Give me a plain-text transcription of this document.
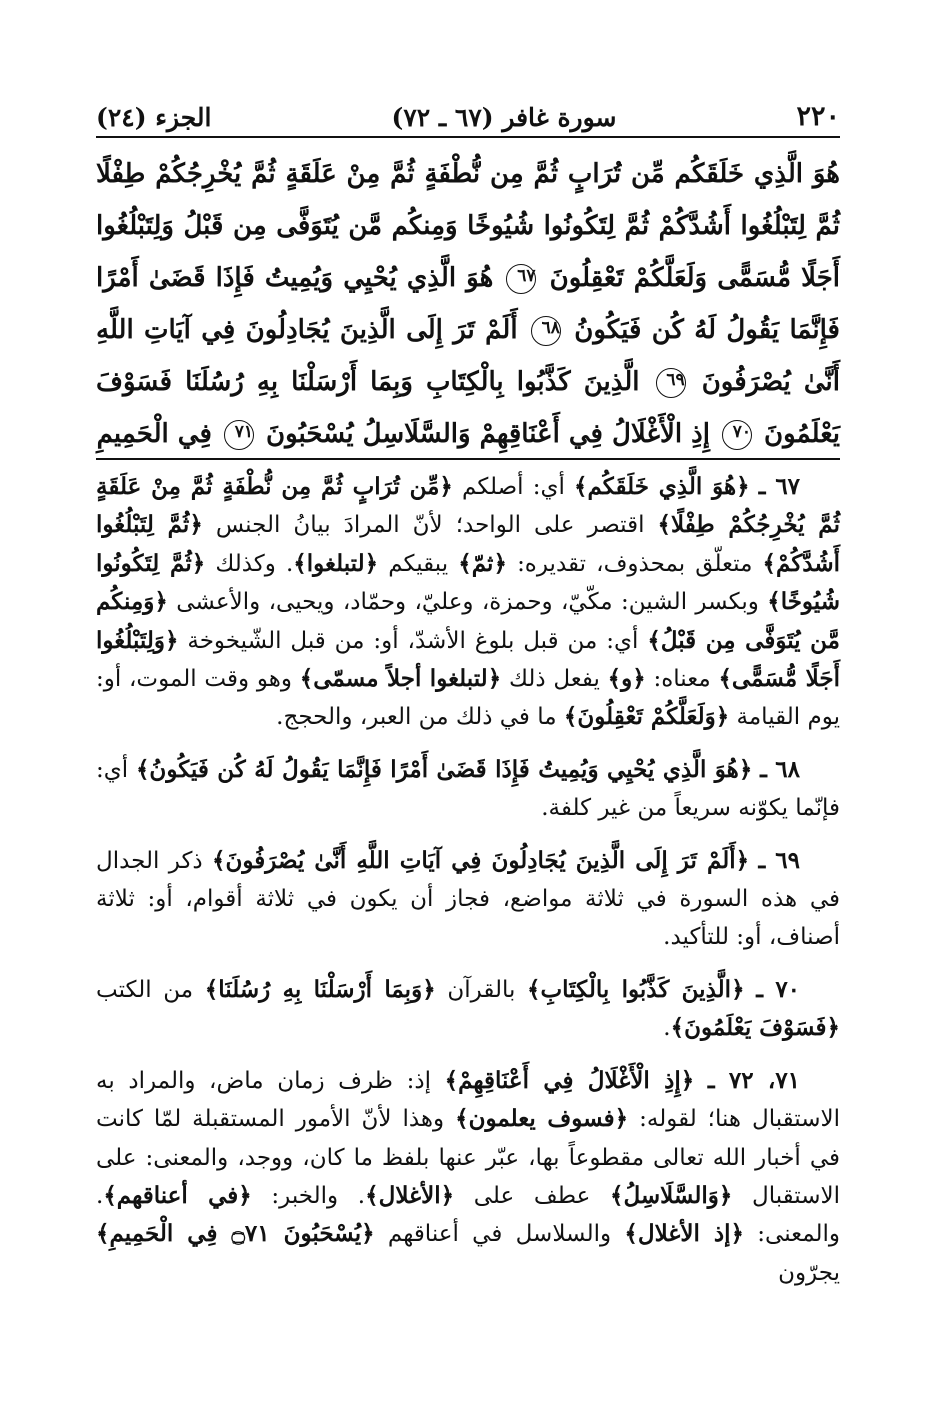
٢٢٠
سورة غافر (٦٧ ـ ٧٢)
الجزء (٢٤)
هُوَ الَّذِي خَلَقَكُم مِّن تُرَابٍ ثُمَّ مِن نُّطْفَةٍ ثُمَّ مِنْ عَلَقَةٍ ثُمَّ يُخْرِجُكُمْ طِفْلًا ثُمَّ لِتَبْلُغُوا أَشُدَّكُمْ ثُمَّ لِتَكُونُوا شُيُوخًا وَمِنكُم مَّن يُتَوَفَّى مِن قَبْلُ وَلِتَبْلُغُوا أَجَلًا مُّسَمًّى وَلَعَلَّكُمْ تَعْقِلُونَ ٦٧ هُوَ الَّذِي يُحْيِي وَيُمِيتُ فَإِذَا قَضَىٰ أَمْرًا فَإِنَّمَا يَقُولُ لَهُ كُن فَيَكُونُ ٦٨ أَلَمْ تَرَ إِلَى الَّذِينَ يُجَادِلُونَ فِي آيَاتِ اللَّهِ أَنَّىٰ يُصْرَفُونَ ٦٩ الَّذِينَ كَذَّبُوا بِالْكِتَابِ وَبِمَا أَرْسَلْنَا بِهِ رُسُلَنَا فَسَوْفَ يَعْلَمُونَ ٧٠ إِذِ الْأَغْلَالُ فِي أَعْنَاقِهِمْ وَالسَّلَاسِلُ يُسْحَبُونَ ٧١ فِي الْحَمِيمِ

٦٧ ـ ﴿ هُوَ الَّذِي خَلَقَكُم ﴾ أي: أصلكم ﴿ مِّن تُرَابٍ ثُمَّ مِن نُّطْفَةٍ ثُمَّ مِنْ عَلَقَةٍ ثُمَّ يُخْرِجُكُمْ طِفْلًا ﴾ اقتصر على الواحد؛ لأنّ المرادَ بيانُ الجنس ﴿ ثُمَّ لِتَبْلُغُوا أَشُدَّكُمْ ﴾ متعلّق بمحذوف، تقديره: ﴿ ثمّ ﴾ يبقيكم ﴿ لتبلغوا ﴾. وكذلك ﴿ ثُمَّ لِتَكُونُوا شُيُوخًا ﴾ وبكسر الشين: مكّيّ، وحمزة، وعليّ، وحمّاد، ويحيى، والأعشى ﴿ وَمِنكُم مَّن يُتَوَفَّى مِن قَبْلُ ﴾ أي: من قبل بلوغ الأشدّ، أو: من قبل الشّيخوخة ﴿ وَلِتَبْلُغُوا أَجَلًا مُّسَمًّى ﴾ معناه: ﴿ و ﴾ يفعل ذلك ﴿ لتبلغوا أجلاً مسمّى ﴾ وهو وقت الموت، أو: يوم القيامة ﴿ وَلَعَلَّكُمْ تَعْقِلُونَ ﴾ ما في ذلك من العبر، والحجج.

٦٨ ـ ﴿ هُوَ الَّذِي يُحْيِي وَيُمِيتُ فَإِذَا قَضَىٰ أَمْرًا فَإِنَّمَا يَقُولُ لَهُ كُن فَيَكُونُ ﴾ أي: فإنّما يكوّنه سريعاً من غير كلفة.

٦٩ ـ ﴿ أَلَمْ تَرَ إِلَى الَّذِينَ يُجَادِلُونَ فِي آيَاتِ اللَّهِ أَنَّىٰ يُصْرَفُونَ ﴾ ذكر الجدال في هذه السورة في ثلاثة مواضع، فجاز أن يكون في ثلاثة أقوام، أو: ثلاثة أصناف، أو: للتأكيد.

٧٠ ـ ﴿ الَّذِينَ كَذَّبُوا بِالْكِتَابِ ﴾ بالقرآن ﴿ وَبِمَا أَرْسَلْنَا بِهِ رُسُلَنَا ﴾ من الكتب ﴿ فَسَوْفَ يَعْلَمُونَ ﴾.

٧١، ٧٢ ـ ﴿ إِذِ الْأَغْلَالُ فِي أَعْنَاقِهِمْ ﴾ إذ: ظرف زمان ماض، والمراد به الاستقبال هنا؛ لقوله: ﴿ فسوف يعلمون ﴾ وهذا لأنّ الأمور المستقبلة لمّا كانت في أخبار الله تعالى مقطوعاً بها، عبّر عنها بلفظ ما كان، ووجد، والمعنى: على الاستقبال ﴿ وَالسَّلَاسِلُ ﴾ عطف على ﴿ الأغلال ﴾. والخبر: ﴿ في أعناقهم ﴾. والمعنى: ﴿ إذ الأغلال ﴾ والسلاسل في أعناقهم ﴿ يُسْحَبُونَ ۝٧١ فِي الْحَمِيمِ ﴾ يجرّون
